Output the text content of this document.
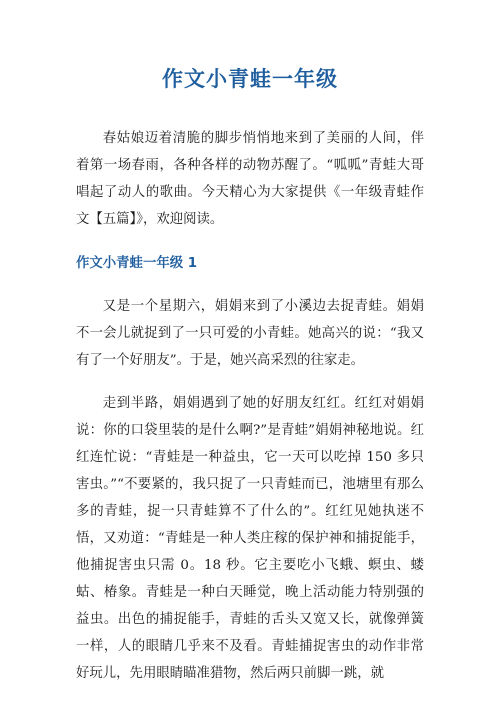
作文小青蛙一年级

春姑娘迈着清脆的脚步悄悄地来到了美丽的人间，伴着第一场春雨，各种各样的动物苏醒了。“呱呱”青蛙大哥唱起了动人的歌曲。今天精心为大家提供《一年级青蛙作文【五篇】》，欢迎阅读。

作文小青蛙一年级 1

又是一个星期六，娟娟来到了小溪边去捉青蛙。娟娟不一会儿就捉到了一只可爱的小青蛙。她高兴的说：“我又有了一个好朋友”。于是，她兴高采烈的往家走。

走到半路，娟娟遇到了她的好朋友红红。红红对娟娟说：你的口袋里装的是什么啊?”是青蛙”娟娟神秘地说。红红连忙说：“青蛙是一种益虫，它一天可以吃掉 150 多只害虫。”“不要紧的，我只捉了一只青蛙而已，池塘里有那么多的青蛙，捉一只青蛙算不了什么的”。红红见她执迷不悟，又劝道：“青蛙是一种人类庄稼的保护神和捕捉能手，他捕捉害虫只需 0。18 秒。它主要吃小飞蛾、螟虫、蝼蛄、椿象。青蛙是一种白天睡觉，晚上活动能力特别强的益虫。出色的捕捉能手，青蛙的舌头又宽又长，就像弹簧一样，人的眼睛几乎来不及看。青蛙捕捉害虫的动作非常好玩儿，先用眼睛瞄准猎物，然后两只前脚一跳，就
